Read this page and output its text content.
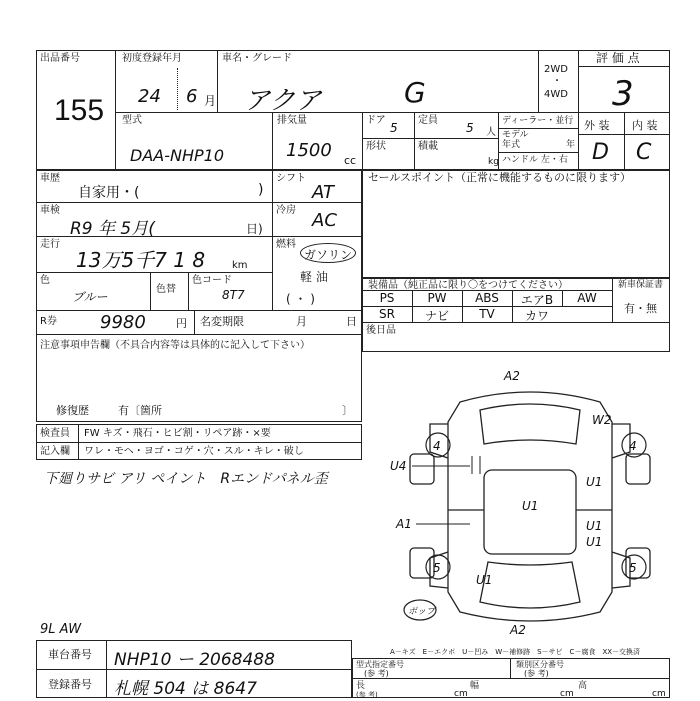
出品番号
155
初度登録年月
24 6 月
車名・グレード
アクア	G
2WD
・
4WD
評 価 点
3
型式
DAA-NHP10
排気量
1500 cc
ドア
5
定員
5 人
形状	積載
kg
ディーラー・並行
モデル
年式	年
ハンドル 左・右
外 装 内 装
D C
車歴
自家用・(	)
車検
R9 年 5月(	日)
走行
13万5千7 1 8	km
色
ブルー
色替
色コード
8T7
シフト
AT
冷房 AC
燃料
ガソリン
軽 油
( ・ )
R券 9980	円 名変期限	月	日
注意事項申告欄（不具合内容等は具体的に記入して下さい）
修復歴	有〔箇所	〕
検査員 FW キズ・飛石・ヒビ割・リペア跡・×要
記入欄 ワレ・モヘ・ヨゴ・コゲ・穴・スル・キレ・破し
下廻りサビ アリ ペイント　Rエンドパネル歪
9L AW
セールスポイント（正常に機能するものに限ります）
装備品（純正品に限り〇をつけてください）	新車保証書
有・無
PS	PW	ABS	エアB	AW
SR	ナビ	TV	カワ
後日品
A2
W2
4	4
U4
U1
U1
A1	U1
U1
5	5
U1
A2
ポップ
A－キズ　E－エクボ　U－凹み　W－補修跡　S－サビ　C－腐食　XX－交換済
車台番号 NHP10 ー 2068488
登録番号 札幌 504 は 8647
型式指定番号
(参 考)
類別区分番号
(参 考)
長
(参 考)	cm
幅
cm
高
cm
